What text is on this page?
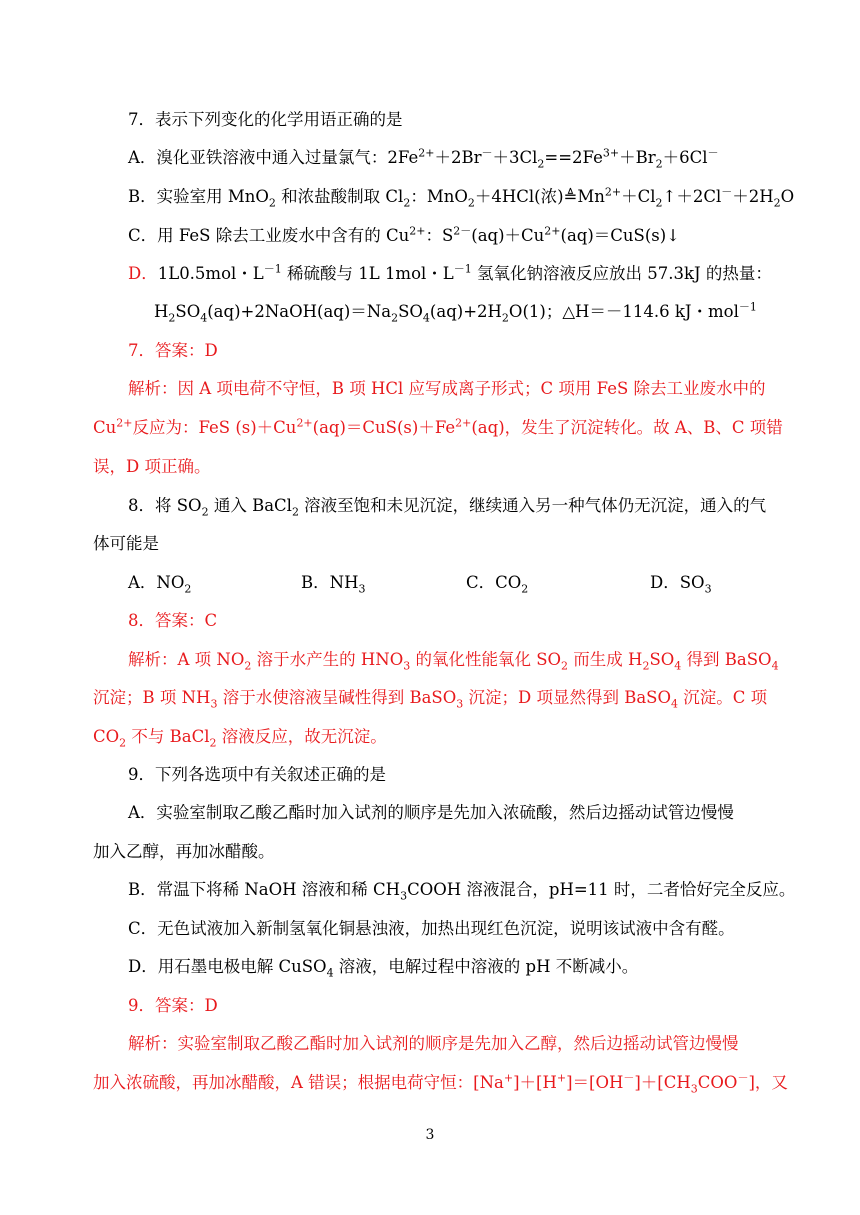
7．表示下列变化的化学用语正确的是
A．溴化亚铁溶液中通入过量氯气：$2Fe^{2+}+2Br^-+3Cl_2==2Fe^{3+}+Br_2+6Cl^-$
B．实验室用 MnO$_2$ 和浓盐酸制取 $Cl_2$：MnO$_2$＋4HCl(浓)$≜Mn^{2+}+Cl_2↑+2Cl^-+2H_2O$
C．用 FeS 除去工业废水中含有的 $Cu^{2+}$：$S^{2-}(aq)+Cu^{2+}(aq)=CuS(s)↓$
D．1L0.5mol・$L^{-1}$ 稀硫酸与 1L 1mol・$L^{-1}$ 氢氧化钠溶液反应放出 57.3kJ 的热量：
$H_2SO_4(aq)+2NaOH(aq)=Na_2SO_4(aq)+2H_2O(1)$；△H＝－114.6 kJ・mol$^{-1}$
7．答案：D
解析：因 A 项电荷不守恒，B 项 HCl 应写成离子形式；C 项用 FeS 除去工业废水中的
$Cu^{2+}$反应为：FeS $(s)+Cu^{2+}(aq)=CuS(s)+Fe^{2+}(aq)$，发生了沉淀转化。故 A、B、C 项错
误，D 项正确。
8．将 $SO_2$ 通入 BaCl$_2$ 溶液至饱和未见沉淀，继续通入另一种气体仍无沉淀，通入的气
体可能是
8．答案：C
解析：A 项 $NO_2$ 溶于水产生的 $HNO_3$ 的氧化性能氧化 $SO_2$ 而生成 $H_2SO_4$ 得到 BaSO$_4$
沉淀；B 项 $NH_3$ 溶于水使溶液呈碱性得到 BaSO$_3$ 沉淀；D 项显然得到 BaSO$_4$ 沉淀。C 项
$CO_2$ 不与 BaCl$_2$ 溶液反应，故无沉淀。
9．下列各选项中有关叙述正确的是
A．实验室制取乙酸乙酯时加入试剂的顺序是先加入浓硫酸，然后边摇动试管边慢慢
加入乙醇，再加冰醋酸。
B．常温下将稀 NaOH 溶液和稀 $CH_3COOH$ 溶液混合，pH=11 时，二者恰好完全反应。
C．无色试液加入新制氢氧化铜悬浊液，加热出现红色沉淀，说明该试液中含有醛。
D．用石墨电极电解 CuSO$_4$ 溶液，电解过程中溶液的 pH 不断减小。
9．答案：D
解析：实验室制取乙酸乙酯时加入试剂的顺序是先加入乙醇，然后边摇动试管边慢慢
加入浓硫酸，再加冰醋酸，A 错误；根据电荷守恒：$[Na^+]+[H^+]=[OH^-]+[CH_3COO^-]$，又
A．$NO_2$	B．$NH_3$	C．$CO_2$	D．$SO_3$
3
